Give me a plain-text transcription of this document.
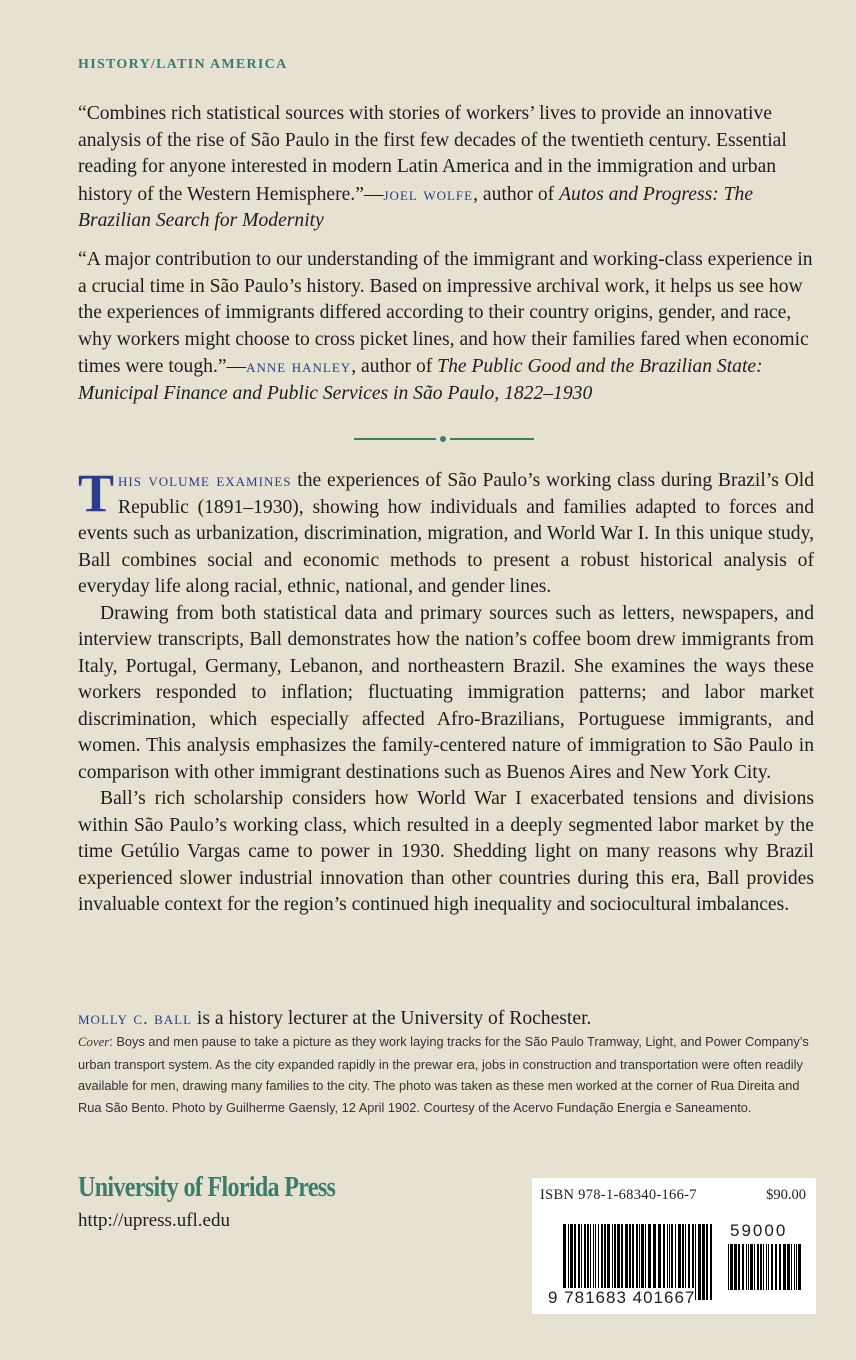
HISTORY/LATIN AMERICA

“Combines rich statistical sources with stories of workers’ lives to provide an innovative analysis of the rise of São Paulo in the first few decades of the twentieth century. Essential reading for anyone interested in modern Latin America and in the immigration and urban history of the Western Hemisphere.”—joel wolfe, author of Autos and Progress: The Brazilian Search for Modernity

“A major contribution to our understanding of the immigrant and working-class experience in a crucial time in São Paulo’s history. Based on impressive archival work, it helps us see how the experiences of immigrants differed according to their country origins, gender, and race, why workers might choose to cross picket lines, and how their families fared when economic times were tough.”—anne hanley, author of The Public Good and the Brazilian State: Municipal Finance and Public Services in São Paulo, 1822–1930

This volume examines the experiences of São Paulo’s working class during Brazil’s Old Republic (1891–1930), showing how individuals and families adapted to forces and events such as urbanization, discrimination, migration, and World War I. In this unique study, Ball combines social and economic methods to present a robust historical analysis of everyday life along racial, ethnic, national, and gender lines.

Drawing from both statistical data and primary sources such as letters, newspapers, and interview transcripts, Ball demonstrates how the nation’s coffee boom drew immigrants from Italy, Portugal, Germany, Lebanon, and northeastern Brazil. She examines the ways these workers responded to inflation; fluctuating immigration patterns; and labor market discrimination, which especially affected Afro-Brazilians, Portuguese immigrants, and women. This analysis emphasizes the family-centered nature of immigration to São Paulo in comparison with other immigrant destinations such as Buenos Aires and New York City.

Ball’s rich scholarship considers how World War I exacerbated tensions and divisions within São Paulo’s working class, which resulted in a deeply segmented labor market by the time Getúlio Vargas came to power in 1930. Shedding light on many reasons why Brazil experienced slower industrial innovation than other countries during this era, Ball provides invaluable context for the region’s continued high inequality and sociocultural imbalances.

molly c. ball is a history lecturer at the University of Rochester.
Cover: Boys and men pause to take a picture as they work laying tracks for the São Paulo Tramway, Light, and Power Company’s urban transport system. As the city expanded rapidly in the prewar era, jobs in construction and transportation were often readily available for men, drawing many families to the city. The photo was taken as these men worked at the corner of Rua Direita and Rua São Bento. Photo by Guilherme Gaensly, 12 April 1902. Courtesy of the Acervo Fundação Energia e Saneamento.
University of Florida Press
http://upress.ufl.edu
ISBN 978-1-68340-166-7	$90.00
59000
9 781683 401667
